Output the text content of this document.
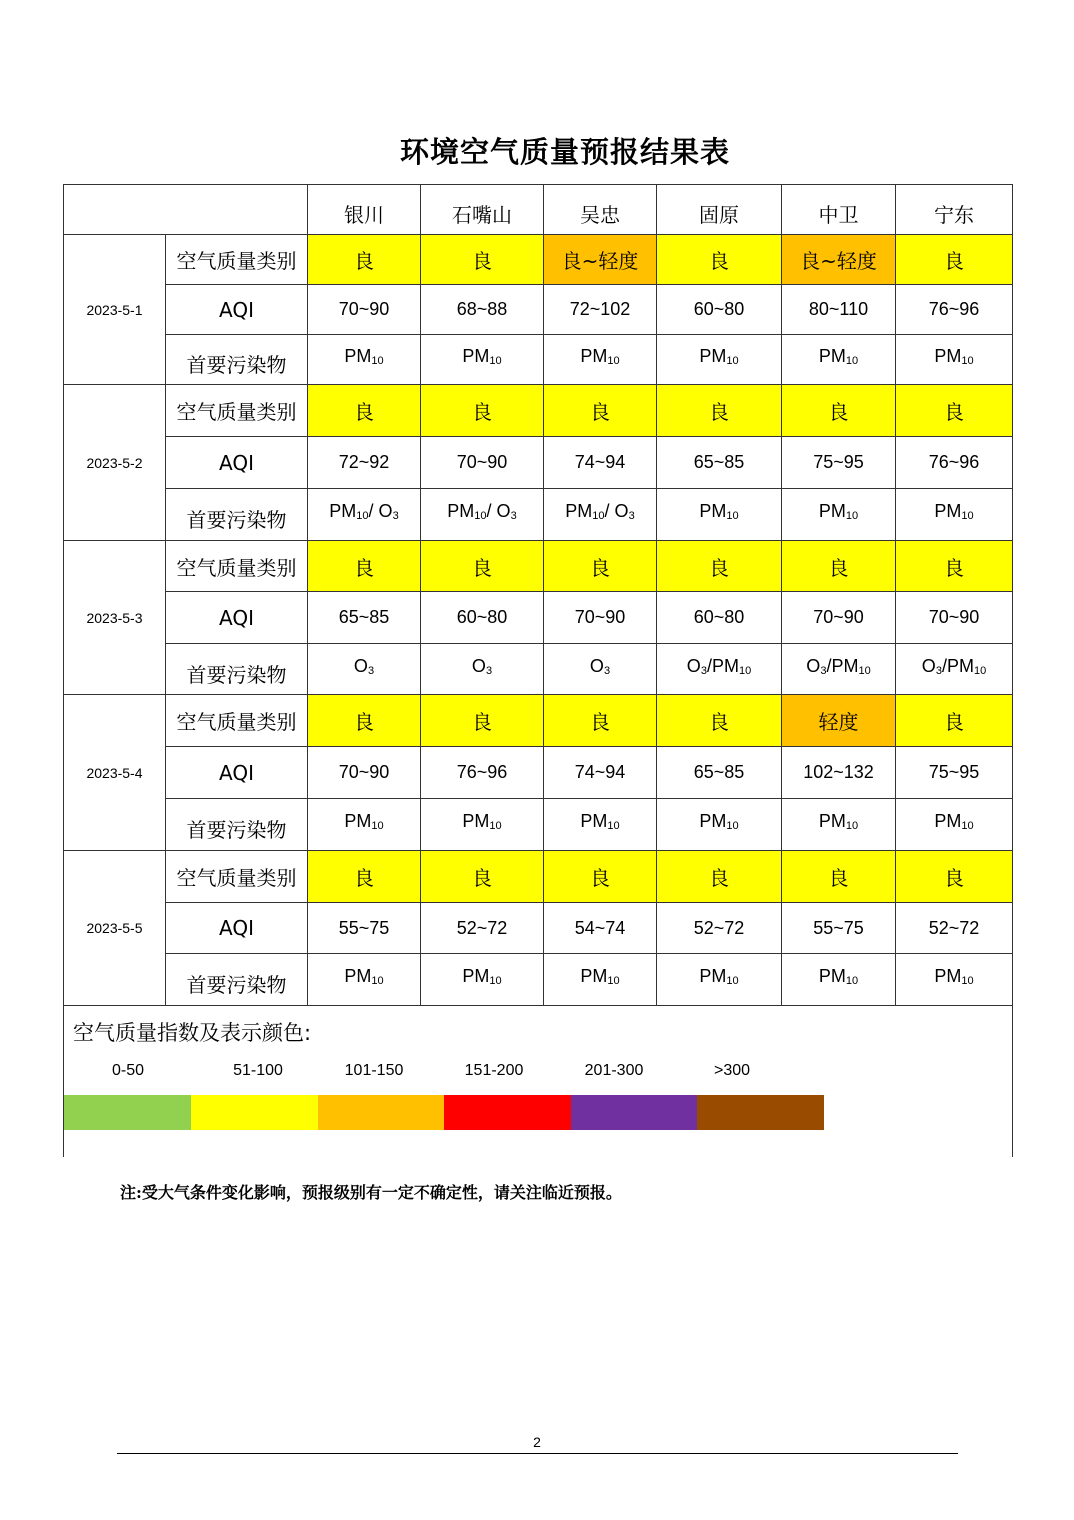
环境空气质量预报结果表
		银川	石嘴山	吴忠	固原	中卫	宁东
2023-5-1	空气质量类别	良	良	良~轻度	良	良~轻度	良
	AQI	70~90	68~88	72~102	60~80	80~110	76~96
	首要污染物	$PM_{10}$	$PM_{10}$	$PM_{10}$	$PM_{10}$	$PM_{10}$	$PM_{10}$
2023-5-2	空气质量类别	良	良	良	良	良	良
	AQI	72~92	70~90	74~94	65~85	75~95	76~96
	首要污染物	$PM_{10}/$ $O_3$	$PM_{10}/$ $O_3$	$PM_{10}/$ $O_3$	$PM_{10}$	$PM_{10}$	$PM_{10}$
2023-5-3	空气质量类别	良	良	良	良	良	良
	AQI	65~85	60~80	70~90	60~80	70~90	70~90
	首要污染物	$O_3$	$O_3$	$O_3$	$O_3/PM_{10}$	$O_3/PM_{10}$	$O_3/PM_{10}$
2023-5-4	空气质量类别	良	良	良	良	轻度	良
	AQI	70~90	76~96	74~94	65~85	102~132	75~95
	首要污染物	$PM_{10}$	$PM_{10}$	$PM_{10}$	$PM_{10}$	$PM_{10}$	$PM_{10}$
2023-5-5	空气质量类别	良	良	良	良	良	良
	AQI	55~75	52~72	54~74	52~72	55~75	52~72
	首要污染物	$PM_{10}$	$PM_{10}$	$PM_{10}$	$PM_{10}$	$PM_{10}$	$PM_{10}$
空气质量指数及表示颜色:
0-50	51-100	101-150	151-200	201-300	>300
注:受大气条件变化影响，预报级别有一定不确定性，请关注临近预报。
2
